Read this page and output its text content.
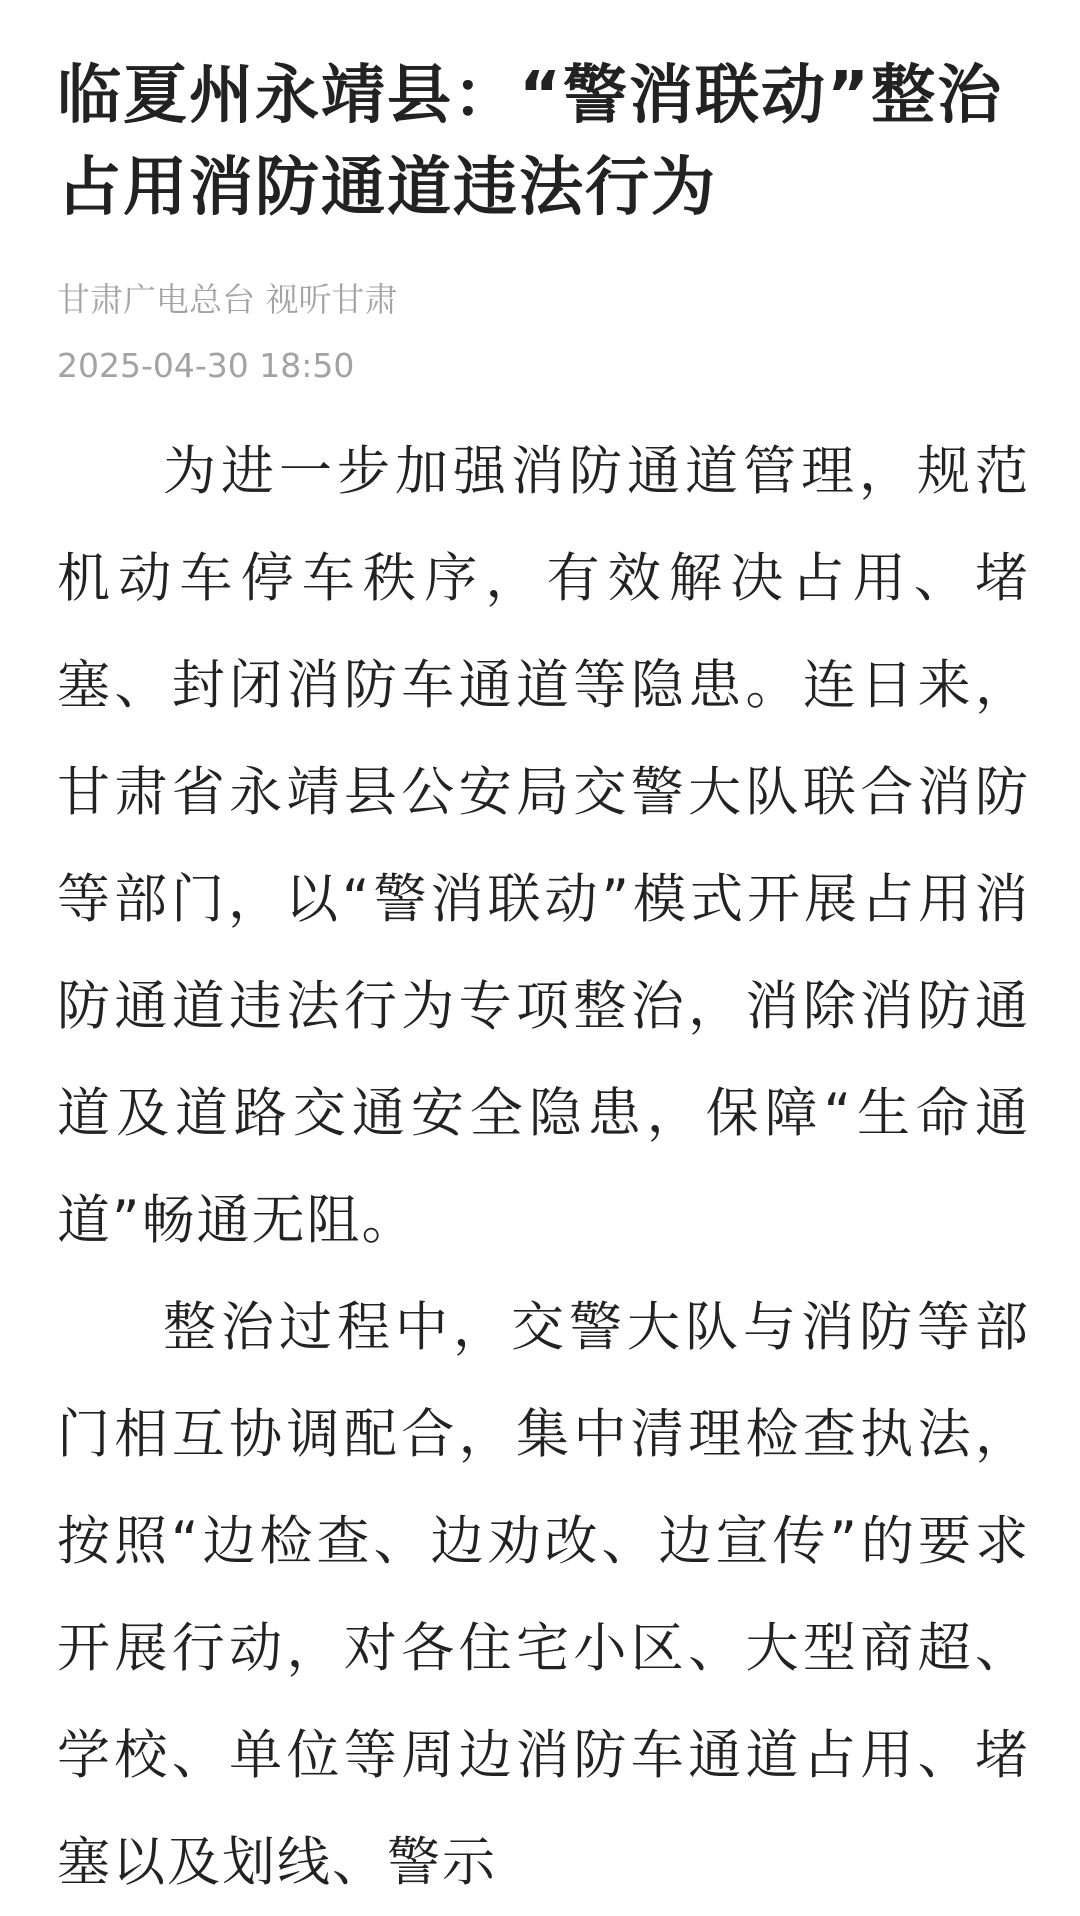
临夏州永靖县：“警消联动”整治占用消防通道违法行为
甘肃广电总台 视听甘肃
2025-04-30 18:50

为进一步加强消防通道管理，规范机动车停车秩序，有效解决占用、堵塞、封闭消防车通道等隐患。连日来，甘肃省永靖县公安局交警大队联合消防等部门，以“警消联动”模式开展占用消防通道违法行为专项整治，消除消防通道及道路交通安全隐患，保障“生命通道”畅通无阻。

整治过程中，交警大队与消防等部门相互协调配合，集中清理检查执法，按照“边检查、边劝改、边宣传”的要求开展行动，对各住宅小区、大型商超、学校、单位等周边消防车通道占用、堵塞以及划线、警示
